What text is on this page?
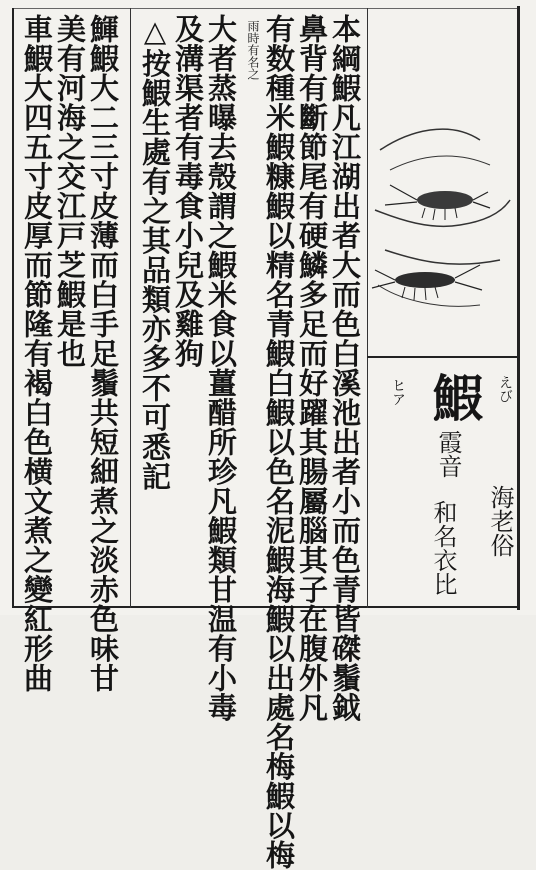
えび
ヒア 鰕
霞音
海老俗
和名衣比
本綱鰕凡江湖出者大而色白溪池出者小而色青皆磔鬚鉞
鼻背有斷節尾有硬鱗多足而好躍其腸屬腦其子在腹外凡
有数種米鰕糠鰕以精名青鰕白鰕以色名泥鰕海鰕以出處名梅鰕以梅
雨時有名之
大者蒸曝去殼謂之鰕米食以薑醋所珍凡鰕類甘温有小毒
及溝渠者有毒食小兒及雞狗
△按鰕生處有之其品類亦多不可悉記
鯶鰕大二三寸皮薄而白手足鬚共短細煮之淡赤色味甘
美有河海之交江戸芝鰕是也
車鰕大四五寸皮厚而節隆有褐白色横文煮之變紅形曲
